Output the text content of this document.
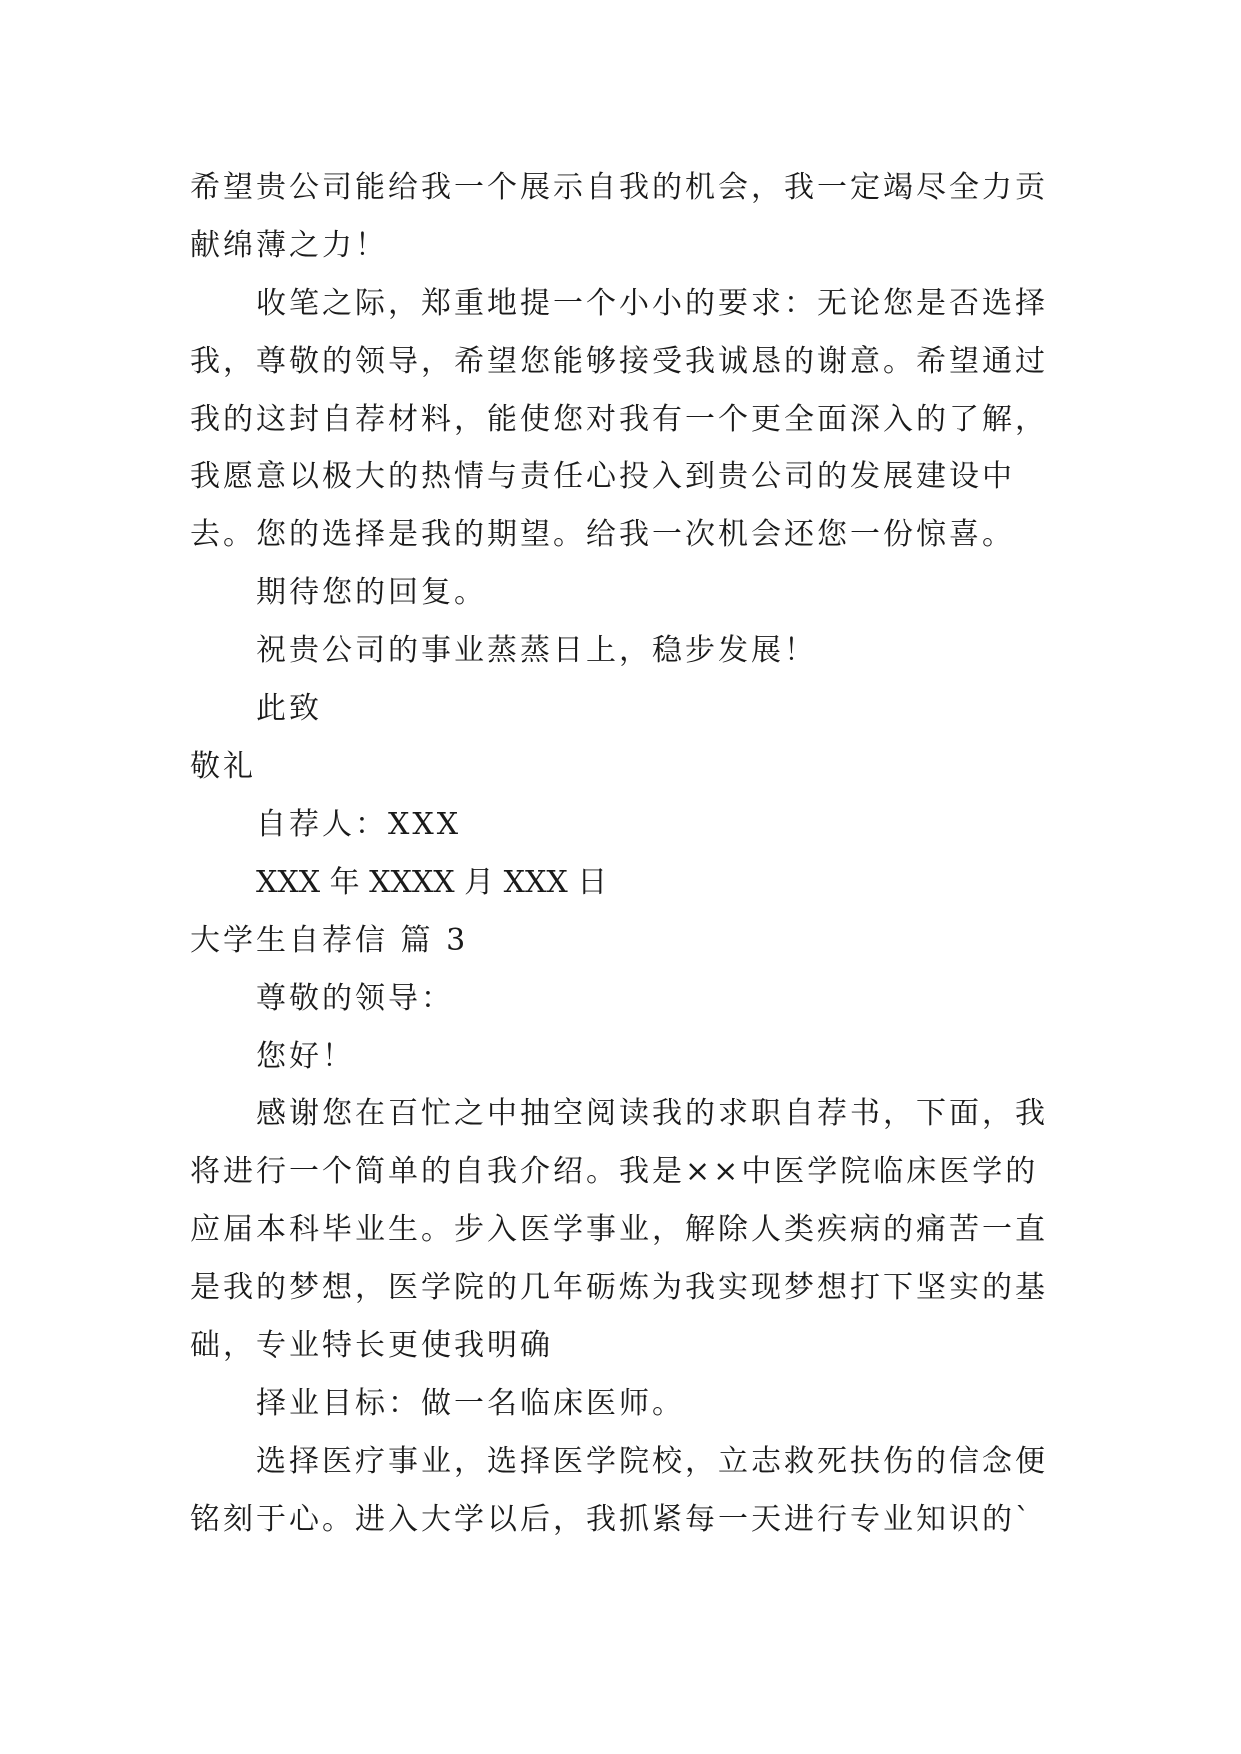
希望贵公司能给我一个展示自我的机会，我一定竭尽全力贡
献绵薄之力！
收笔之际，郑重地提一个小小的要求：无论您是否选择
我，尊敬的领导，希望您能够接受我诚恳的谢意。希望通过
我的这封自荐材料，能使您对我有一个更全面深入的了解，
我愿意以极大的热情与责任心投入到贵公司的发展建设中
去。您的选择是我的期望。给我一次机会还您一份惊喜。
期待您的回复。
祝贵公司的事业蒸蒸日上，稳步发展！
此致
敬礼
自荐人：XXX
XXX 年 XXXX 月 XXX 日
大学生自荐信 篇 3
尊敬的领导：
您好！
感谢您在百忙之中抽空阅读我的求职自荐书，下面，我
将进行一个简单的自我介绍。我是××中医学院临床医学的
应届本科毕业生。步入医学事业，解除人类疾病的痛苦一直
是我的梦想，医学院的几年砺炼为我实现梦想打下坚实的基
础，专业特长更使我明确
择业目标：做一名临床医师。
选择医疗事业，选择医学院校，立志救死扶伤的信念便
铭刻于心。进入大学以后，我抓紧每一天进行专业知识的`
